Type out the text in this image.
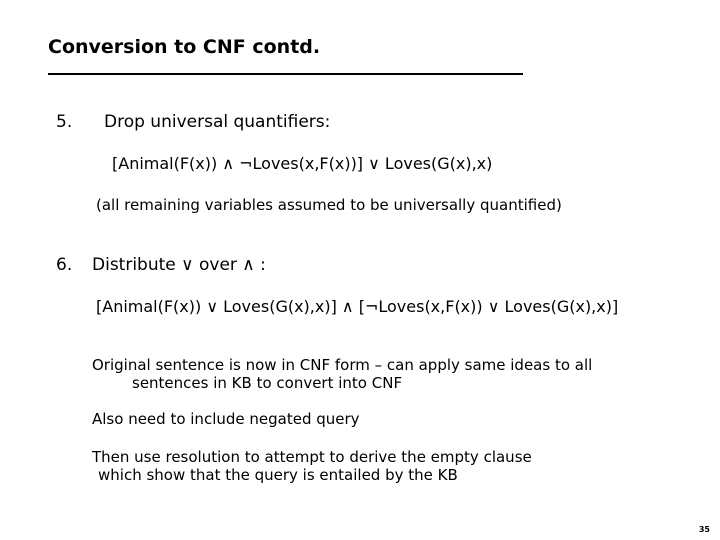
Conversion to CNF contd.
5. Drop universal quantifiers:
[Animal(F(x)) ∧ ¬Loves(x,F(x))] ∨ Loves(G(x),x)
(all remaining variables assumed to be universally quantified)
6. Distribute ∨ over ∧ :
[Animal(F(x)) ∨ Loves(G(x),x)] ∧ [¬Loves(x,F(x)) ∨ Loves(G(x),x)]
Original sentence is now in CNF form – can apply same ideas to all
sentences in KB to convert into CNF
Also need to include negated query
Then use resolution to attempt to derive the empty clause
which show that the query is entailed by the KB
35
